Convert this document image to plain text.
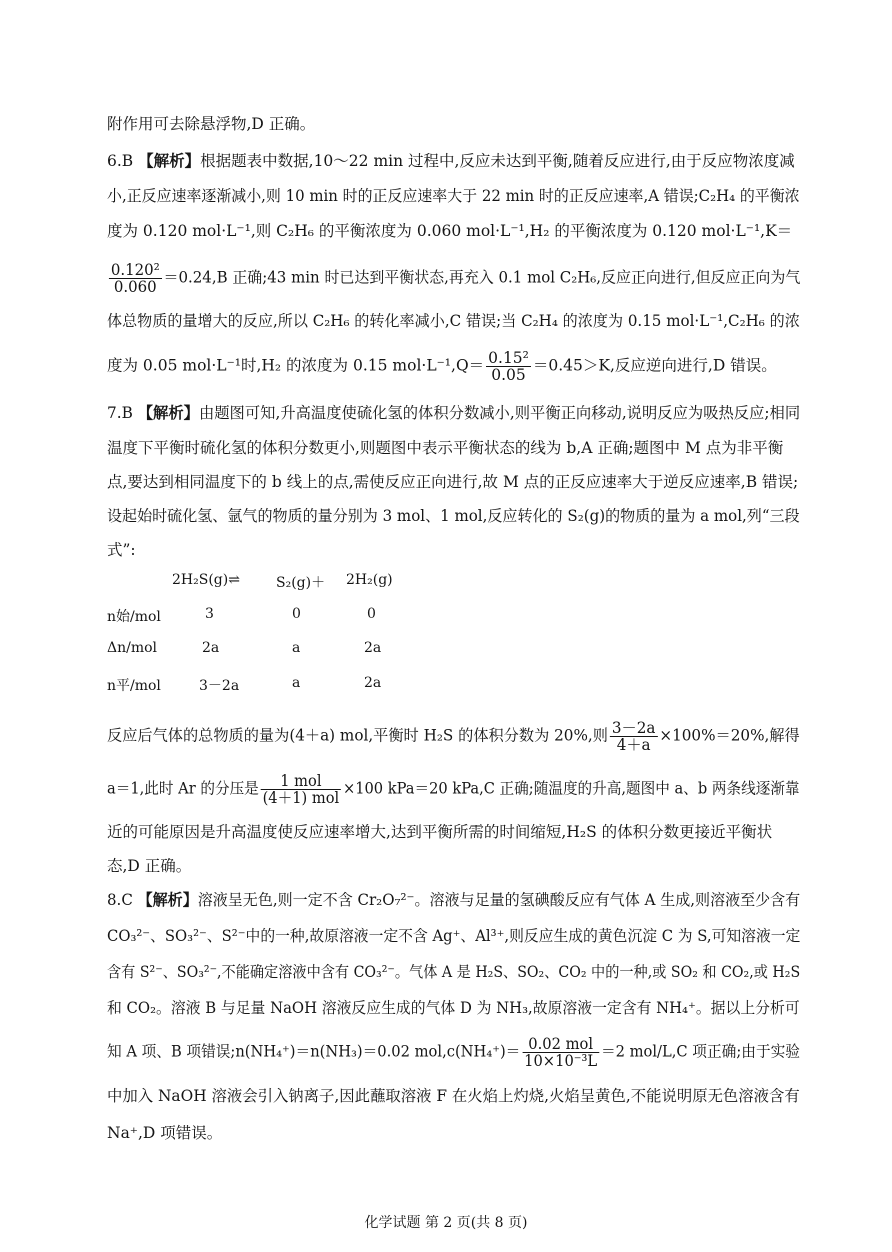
附作用可去除悬浮物,D 正确。
6.B 【解析】根据题表中数据,10～22 min 过程中,反应未达到平衡,随着反应进行,由于反应物浓度减
小,正反应速率逐渐减小,则 10 min 时的正反应速率大于 22 min 时的正反应速率,A 错误;C₂H₄ 的平衡浓
度为 0.120 mol·L⁻¹,则 C₂H₆ 的平衡浓度为 0.060 mol·L⁻¹,H₂ 的平衡浓度为 0.120 mol·L⁻¹,K＝
$\frac{\text{0.120²}}{0.060} =0.24,B$ 正确;43 min 时已达到平衡状态,再充入 0.1 mol C₂H₆,反应正向进行,但反应正向为气
体总物质的量增大的反应,所以 C₂H₆ 的转化率减小,C 错误;当 C₂H₄ 的浓度为 0.15 mol·L⁻¹,C₂H₆ 的浓
度为 0.05 mol·L⁻¹时,H₂ 的浓度为 0.15 $mol\cdot L^{-1},Q= \frac{\text{0.15²}}{0.05} =0.45>K$,反应逆向进行,D 错误。
7.B 【解析】由题图可知,升高温度使硫化氢的体积分数减小,则平衡正向移动,说明反应为吸热反应;相同
温度下平衡时硫化氢的体积分数更小,则题图中表示平衡状态的线为 b,A 正确;题图中 M 点为非平衡
点,要达到相同温度下的 b 线上的点,需使反应正向进行,故 M 点的正反应速率大于逆反应速率,B 错误;
设起始时硫化氢、氩气的物质的量分别为 3 mol、1 mol,反应转化的 S₂(g)的物质的量为 a mol,列“三段
式”:
2H₂S(g)⇌	S₂(g)＋ 2H₂(g)
n始/mol	3	0	0
Δn/mol	2a	a	2a
n平/mol	3－2a	a	2a
反应后气体的总物质的量为(4＋a) mol,平衡时 H₂S 的体积分数为 20%,则 $\frac{3-2a}{4+a} \times 100\%=20\%$,解得
a＝1,此时 Ar 的分压是 $\frac{\text{1 mol}}{\text{(4＋1) mol}} \times 100$ kPa＝20 kPa,C 正确;随温度的升高,题图中 a、b 两条线逐渐靠
近的可能原因是升高温度使反应速率增大,达到平衡所需的时间缩短,H₂S 的体积分数更接近平衡状
态,D 正确。
8.C 【解析】溶液呈无色,则一定不含 Cr₂O₇²⁻。溶液与足量的氢碘酸反应有气体 A 生成,则溶液至少含有
CO₃²⁻、SO₃²⁻、S²⁻中的一种,故原溶液一定不含 Ag⁺、Al³⁺,则反应生成的黄色沉淀 C 为 S,可知溶液一定
含有 S²⁻、SO₃²⁻,不能确定溶液中含有 CO₃²⁻。气体 A 是 H₂S、SO₂、CO₂ 中的一种,或 SO₂ 和 CO₂,或 H₂S
和 CO₂。溶液 B 与足量 NaOH 溶液反应生成的气体 D 为 NH₃,故原溶液一定含有 NH₄⁺。据以上分析可
知 A 项、B 项错误;n(NH₄⁺)＝n(NH₃)＝0.02 $mol,c(NH_4^+)= \frac{\text{0.02 mol}}{\text{10×10⁻³L}} =2$ mol/L,C 项正确;由于实验
中加入 NaOH 溶液会引入钠离子,因此蘸取溶液 F 在火焰上灼烧,火焰呈黄色,不能说明原无色溶液含有
Na⁺,D 项错误。
化学试题 第 2 页(共 8 页)
